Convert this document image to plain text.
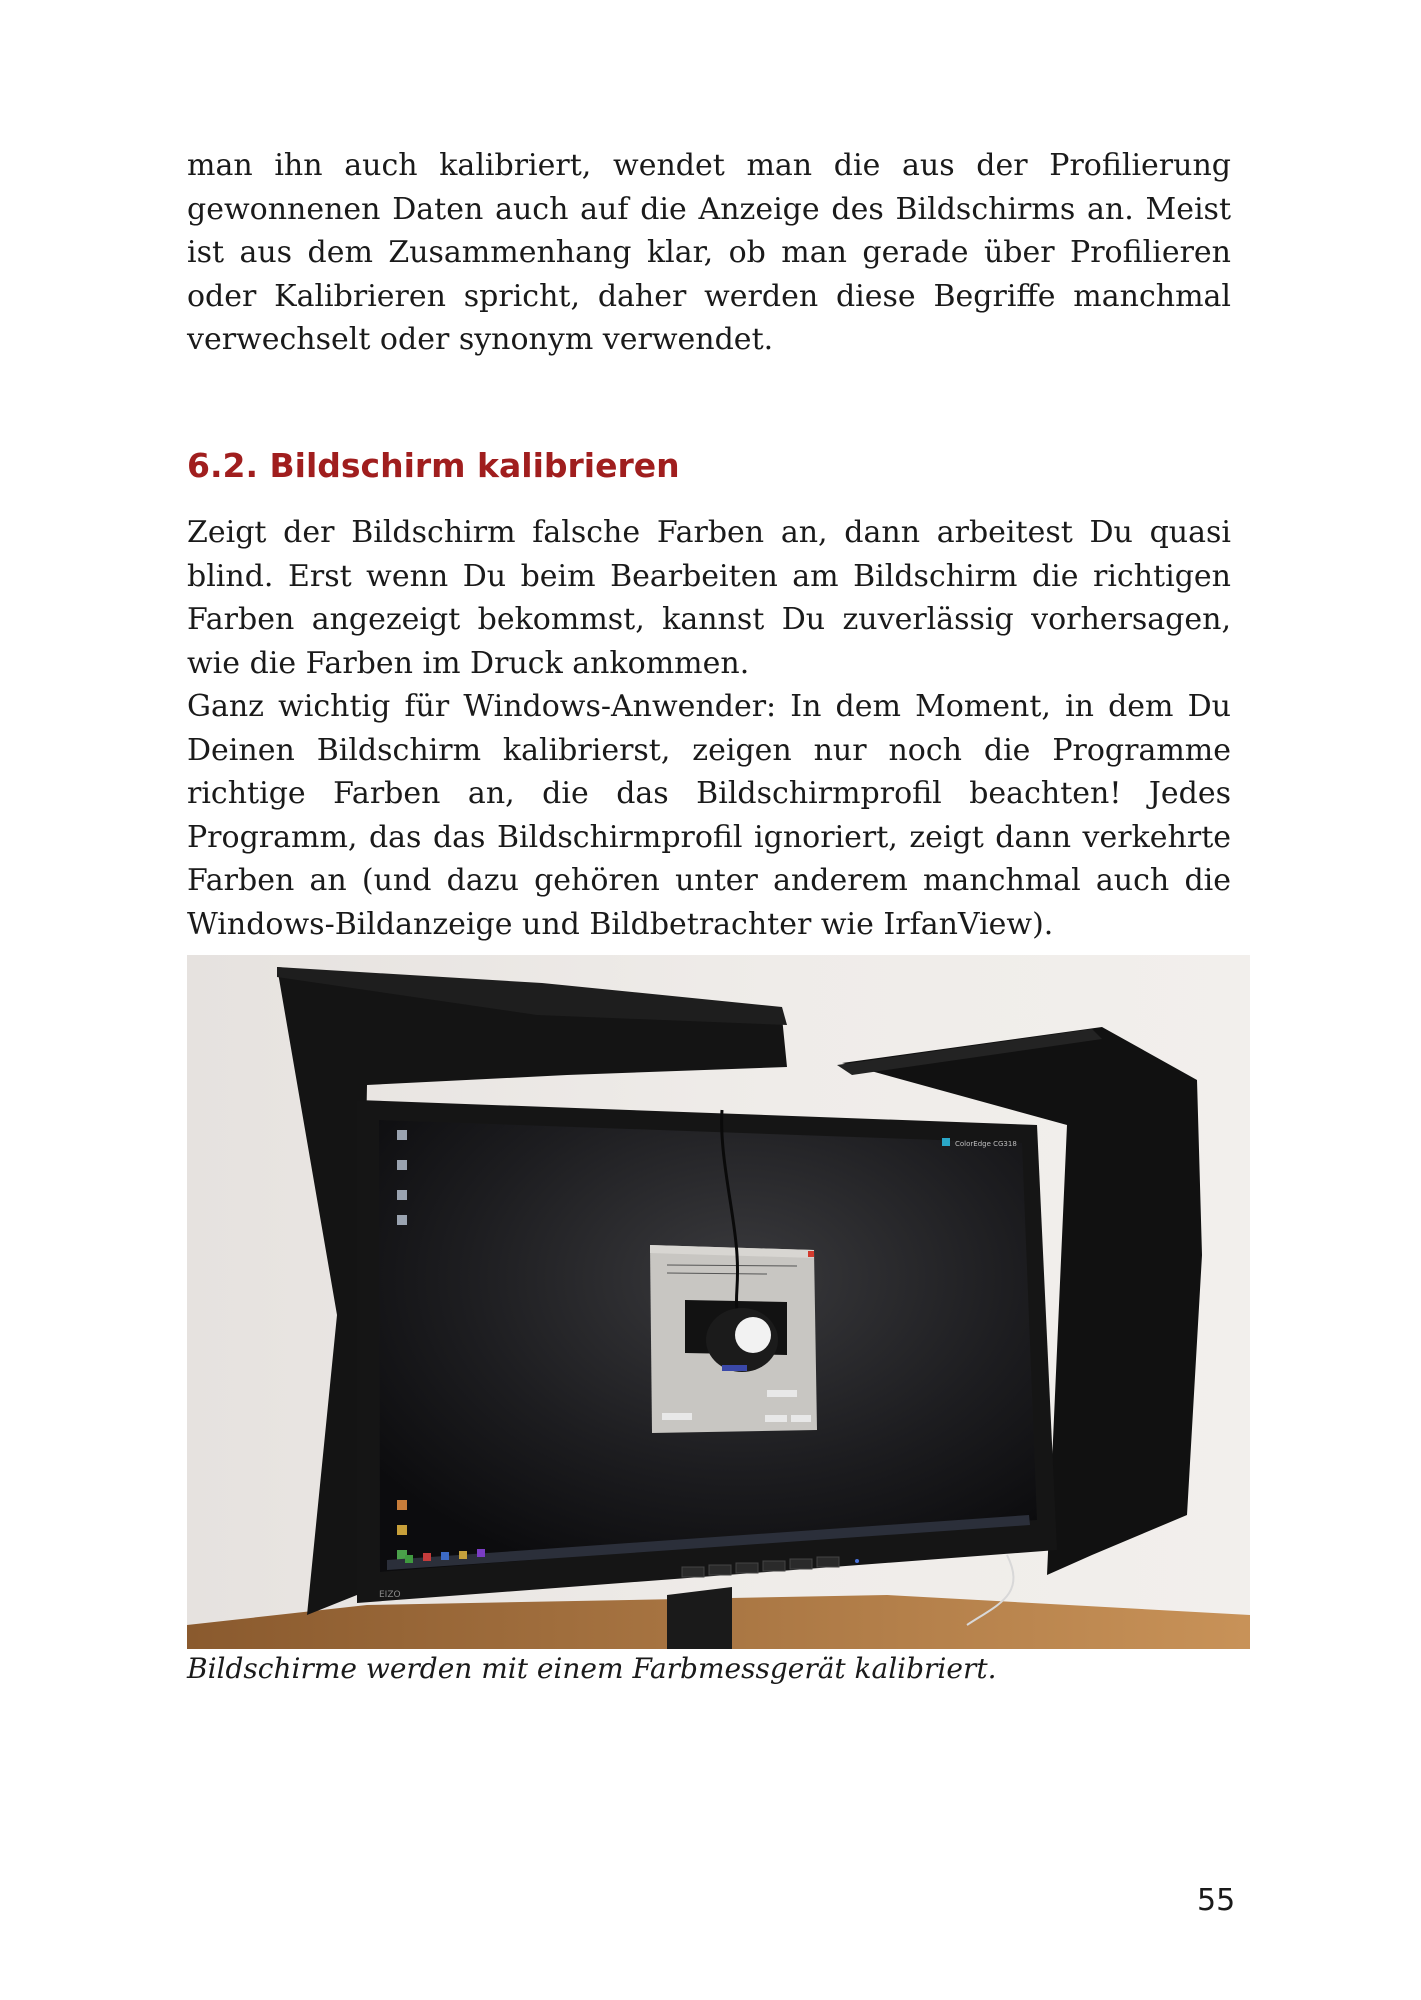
man ihn auch kalibriert, wendet man die aus der Profilierung gewonnenen Daten auch auf die Anzeige des Bildschirms an. Meist ist aus dem Zusammenhang klar, ob man gerade über Profilieren oder Kalibrieren spricht, daher werden diese Begriffe manchmal verwechselt oder synonym verwendet.

6.2. Bildschirm kalibrieren

Zeigt der Bildschirm falsche Farben an, dann arbeitest Du quasi blind. Erst wenn Du beim Bearbeiten am Bildschirm die richtigen Farben angezeigt bekommst, kannst Du zuverlässig vorhersagen, wie die Farben im Druck ankommen.

Ganz wichtig für Windows-Anwender: In dem Moment, in dem Du Deinen Bildschirm kalibrierst, zeigen nur noch die Programme richtige Farben an, die das Bildschirmprofil beachten! Jedes Programm, das das Bildschirmprofil ignoriert, zeigt dann verkehrte Farben an (und dazu gehören unter anderem manchmal auch die Windows-Bildanzeige und Bildbetrachter wie IrfanView).

ColorEdge CG318
EIZO
Bildschirme werden mit einem Farbmessgerät kalibriert.
55
